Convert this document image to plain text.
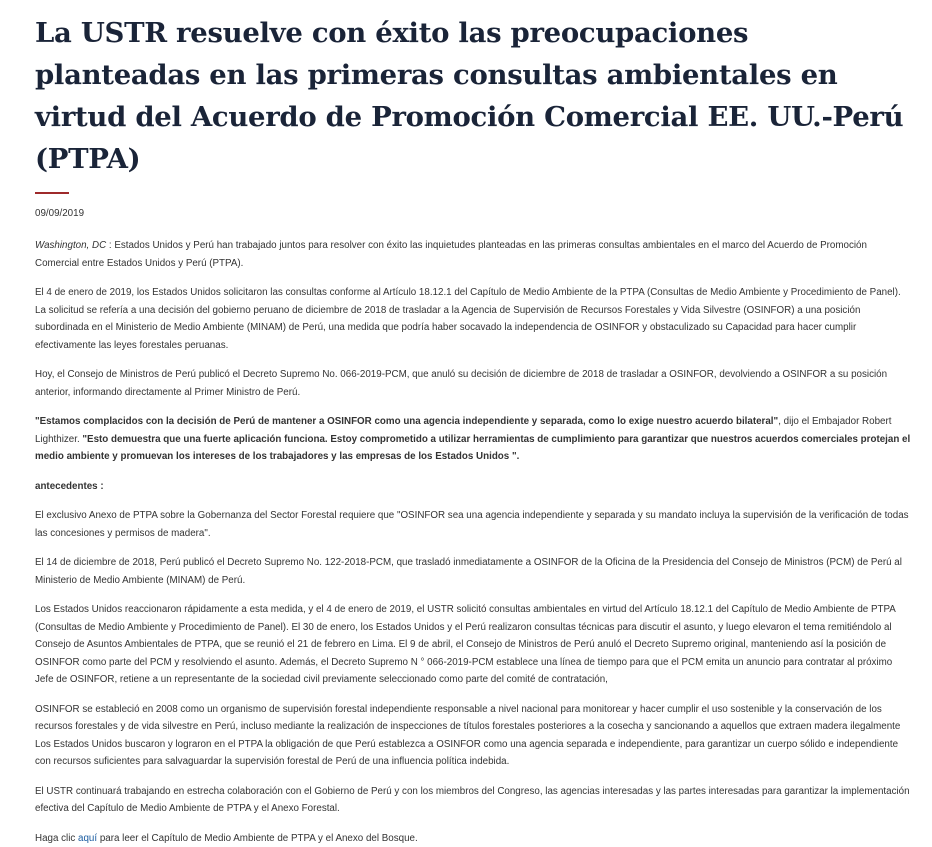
La USTR resuelve con éxito las preocupaciones planteadas en las primeras consultas ambientales en virtud del Acuerdo de Promoción Comercial EE. UU.-Perú (PTPA)

09/09/2019

Washington, DC : Estados Unidos y Perú han trabajado juntos para resolver con éxito las inquietudes planteadas en las primeras consultas ambientales en el marco del Acuerdo de Promoción Comercial entre Estados Unidos y Perú (PTPA).

El 4 de enero de 2019, los Estados Unidos solicitaron las consultas conforme al Artículo 18.12.1 del Capítulo de Medio Ambiente de la PTPA (Consultas de Medio Ambiente y Procedimiento de Panel). La solicitud se refería a una decisión del gobierno peruano de diciembre de 2018 de trasladar a la Agencia de Supervisión de Recursos Forestales y Vida Silvestre (OSINFOR) a una posición subordinada en el Ministerio de Medio Ambiente (MINAM) de Perú, una medida que podría haber socavado la independencia de OSINFOR y obstaculizado su Capacidad para hacer cumplir efectivamente las leyes forestales peruanas.

Hoy, el Consejo de Ministros de Perú publicó el Decreto Supremo No. 066-2019-PCM, que anuló su decisión de diciembre de 2018 de trasladar a OSINFOR, devolviendo a OSINFOR a su posición anterior, informando directamente al Primer Ministro de Perú.

"Estamos complacidos con la decisión de Perú de mantener a OSINFOR como una agencia independiente y separada, como lo exige nuestro acuerdo bilateral", dijo el Embajador Robert Lighthizer. "Esto demuestra que una fuerte aplicación funciona. Estoy comprometido a utilizar herramientas de cumplimiento para garantizar que nuestros acuerdos comerciales protejan el medio ambiente y promuevan los intereses de los trabajadores y las empresas de los Estados Unidos ".

antecedentes :

El exclusivo Anexo de PTPA sobre la Gobernanza del Sector Forestal requiere que "OSINFOR sea una agencia independiente y separada y su mandato incluya la supervisión de la verificación de todas las concesiones y permisos de madera".

El 14 de diciembre de 2018, Perú publicó el Decreto Supremo No. 122-2018-PCM, que trasladó inmediatamente a OSINFOR de la Oficina de la Presidencia del Consejo de Ministros (PCM) de Perú al Ministerio de Medio Ambiente (MINAM) de Perú.

Los Estados Unidos reaccionaron rápidamente a esta medida, y el 4 de enero de 2019, el USTR solicitó consultas ambientales en virtud del Artículo 18.12.1 del Capítulo de Medio Ambiente de PTPA (Consultas de Medio Ambiente y Procedimiento de Panel). El 30 de enero, los Estados Unidos y el Perú realizaron consultas técnicas para discutir el asunto, y luego elevaron el tema remitiéndolo al Consejo de Asuntos Ambientales de PTPA, que se reunió el 21 de febrero en Lima. El 9 de abril, el Consejo de Ministros de Perú anuló el Decreto Supremo original, manteniendo así la posición de OSINFOR como parte del PCM y resolviendo el asunto. Además, el Decreto Supremo N ° 066-2019-PCM establece una línea de tiempo para que el PCM emita un anuncio para contratar al próximo Jefe de OSINFOR, retiene a un representante de la sociedad civil previamente seleccionado como parte del comité de contratación,

OSINFOR se estableció en 2008 como un organismo de supervisión forestal independiente responsable a nivel nacional para monitorear y hacer cumplir el uso sostenible y la conservación de los recursos forestales y de vida silvestre en Perú, incluso mediante la realización de inspecciones de títulos forestales posteriores a la cosecha y sancionando a aquellos que extraen madera ilegalmente Los Estados Unidos buscaron y lograron en el PTPA la obligación de que Perú establezca a OSINFOR como una agencia separada e independiente, para garantizar un cuerpo sólido e independiente con recursos suficientes para salvaguardar la supervisión forestal de Perú de una influencia política indebida.

El USTR continuará trabajando en estrecha colaboración con el Gobierno de Perú y con los miembros del Congreso, las agencias interesadas y las partes interesadas para garantizar la implementación efectiva del Capítulo de Medio Ambiente de PTPA y el Anexo Forestal.

Haga clic aquí para leer el Capítulo de Medio Ambiente de PTPA y el Anexo del Bosque.
